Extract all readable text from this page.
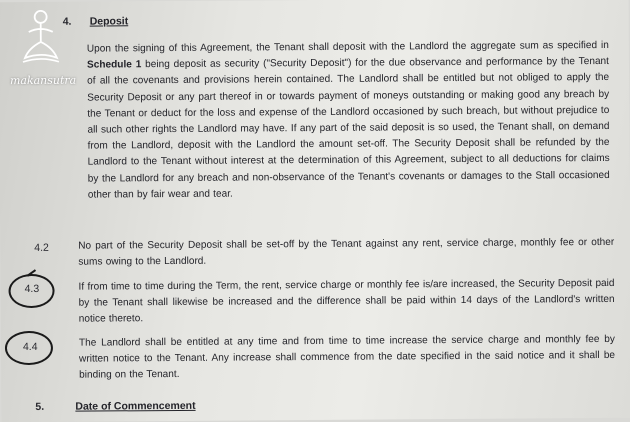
makansutra
4. Deposit

Upon the signing of this Agreement, the Tenant shall deposit with the Landlord the aggregate sum as specified in Schedule 1 being deposit as security ("Security Deposit") for the due observance and performance by the Tenant of all the covenants and provisions herein contained. The Landlord shall be entitled but not obliged to apply the Security Deposit or any part thereof in or towards payment of moneys outstanding or making good any breach by the Tenant or deduct for the loss and expense of the Landlord occasioned by such breach, but without prejudice to all such other rights the Landlord may have. If any part of the said deposit is so used, the Tenant shall, on demand from the Landlord, deposit with the Landlord the amount set-off. The Security Deposit shall be refunded by the Landlord to the Tenant without interest at the determination of this Agreement, subject to all deductions for claims by the Landlord for any breach and non-observance of the Tenant's covenants or damages to the Stall occasioned other than by fair wear and tear.

4.2	No part of the Security Deposit shall be set-off by the Tenant against any rent, service charge, monthly fee or other sums owing to the Landlord.

4.3	If from time to time during the Term, the rent, service charge or monthly fee is/are increased, the Security Deposit paid by the Tenant shall likewise be increased and the difference shall be paid within 14 days of the Landlord's written notice thereto.

4.4	The Landlord shall be entitled at any time and from time to time increase the service charge and monthly fee by written notice to the Tenant. Any increase shall commence from the date specified in the said notice and it shall be binding on the Tenant.

5.	Date of Commencement
